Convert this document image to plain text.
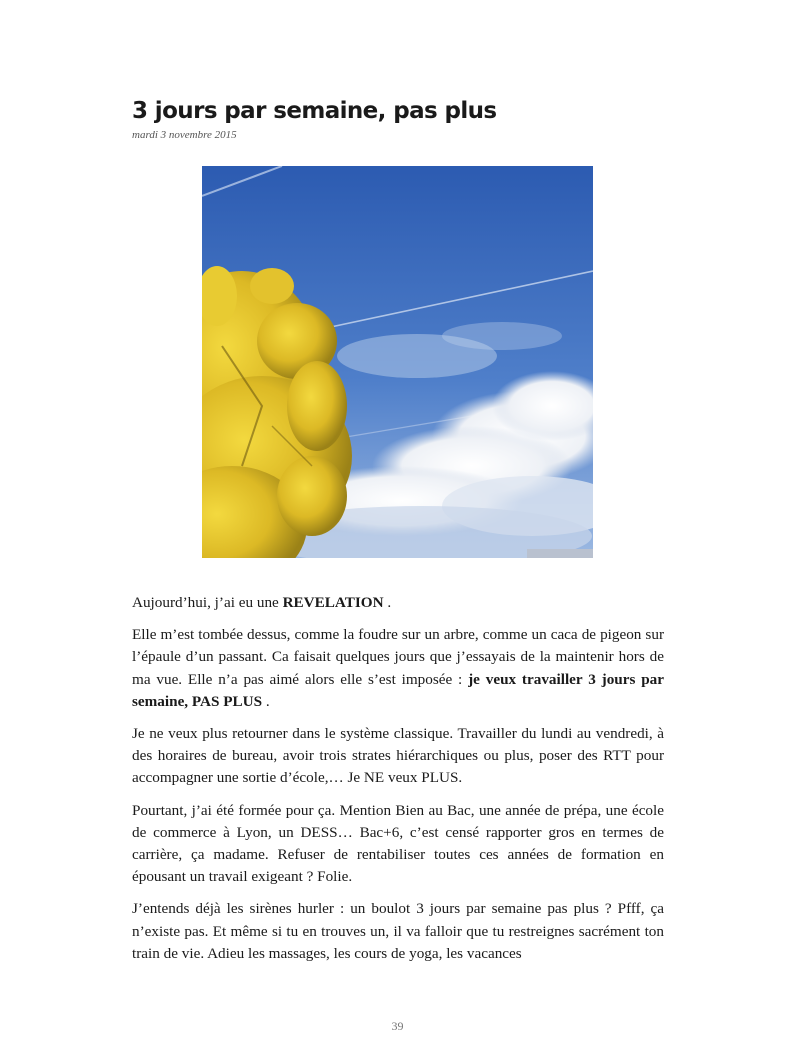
3 jours par semaine, pas plus
mardi 3 novembre 2015

Aujourd’hui, j’ai eu une REVELATION .

Elle m’est tombée dessus, comme la foudre sur un arbre, comme un caca de pigeon sur l’épaule d’un passant. Ca faisait quelques jours que j’essayais de la maintenir hors de ma vue. Elle n’a pas aimé alors elle s’est imposée : je veux travailler 3 jours par semaine, PAS PLUS .

Je ne veux plus retourner dans le système classique. Travailler du lundi au vendredi, à des horaires de bureau, avoir trois strates hiérarchiques ou plus, poser des RTT pour accompagner une sortie d’école,… Je NE veux PLUS.

Pourtant, j’ai été formée pour ça. Mention Bien au Bac, une année de prépa, une école de commerce à Lyon, un DESS… Bac+6, c’est censé rapporter gros en termes de carrière, ça madame. Refuser de rentabiliser toutes ces années de formation en épousant un travail exigeant ? Folie.

J’entends déjà les sirènes hurler : un boulot 3 jours par semaine pas plus ? Pfff, ça n’existe pas. Et même si tu en trouves un, il va falloir que tu restreignes sacrément ton train de vie. Adieu les massages, les cours de yoga, les vacances

39
